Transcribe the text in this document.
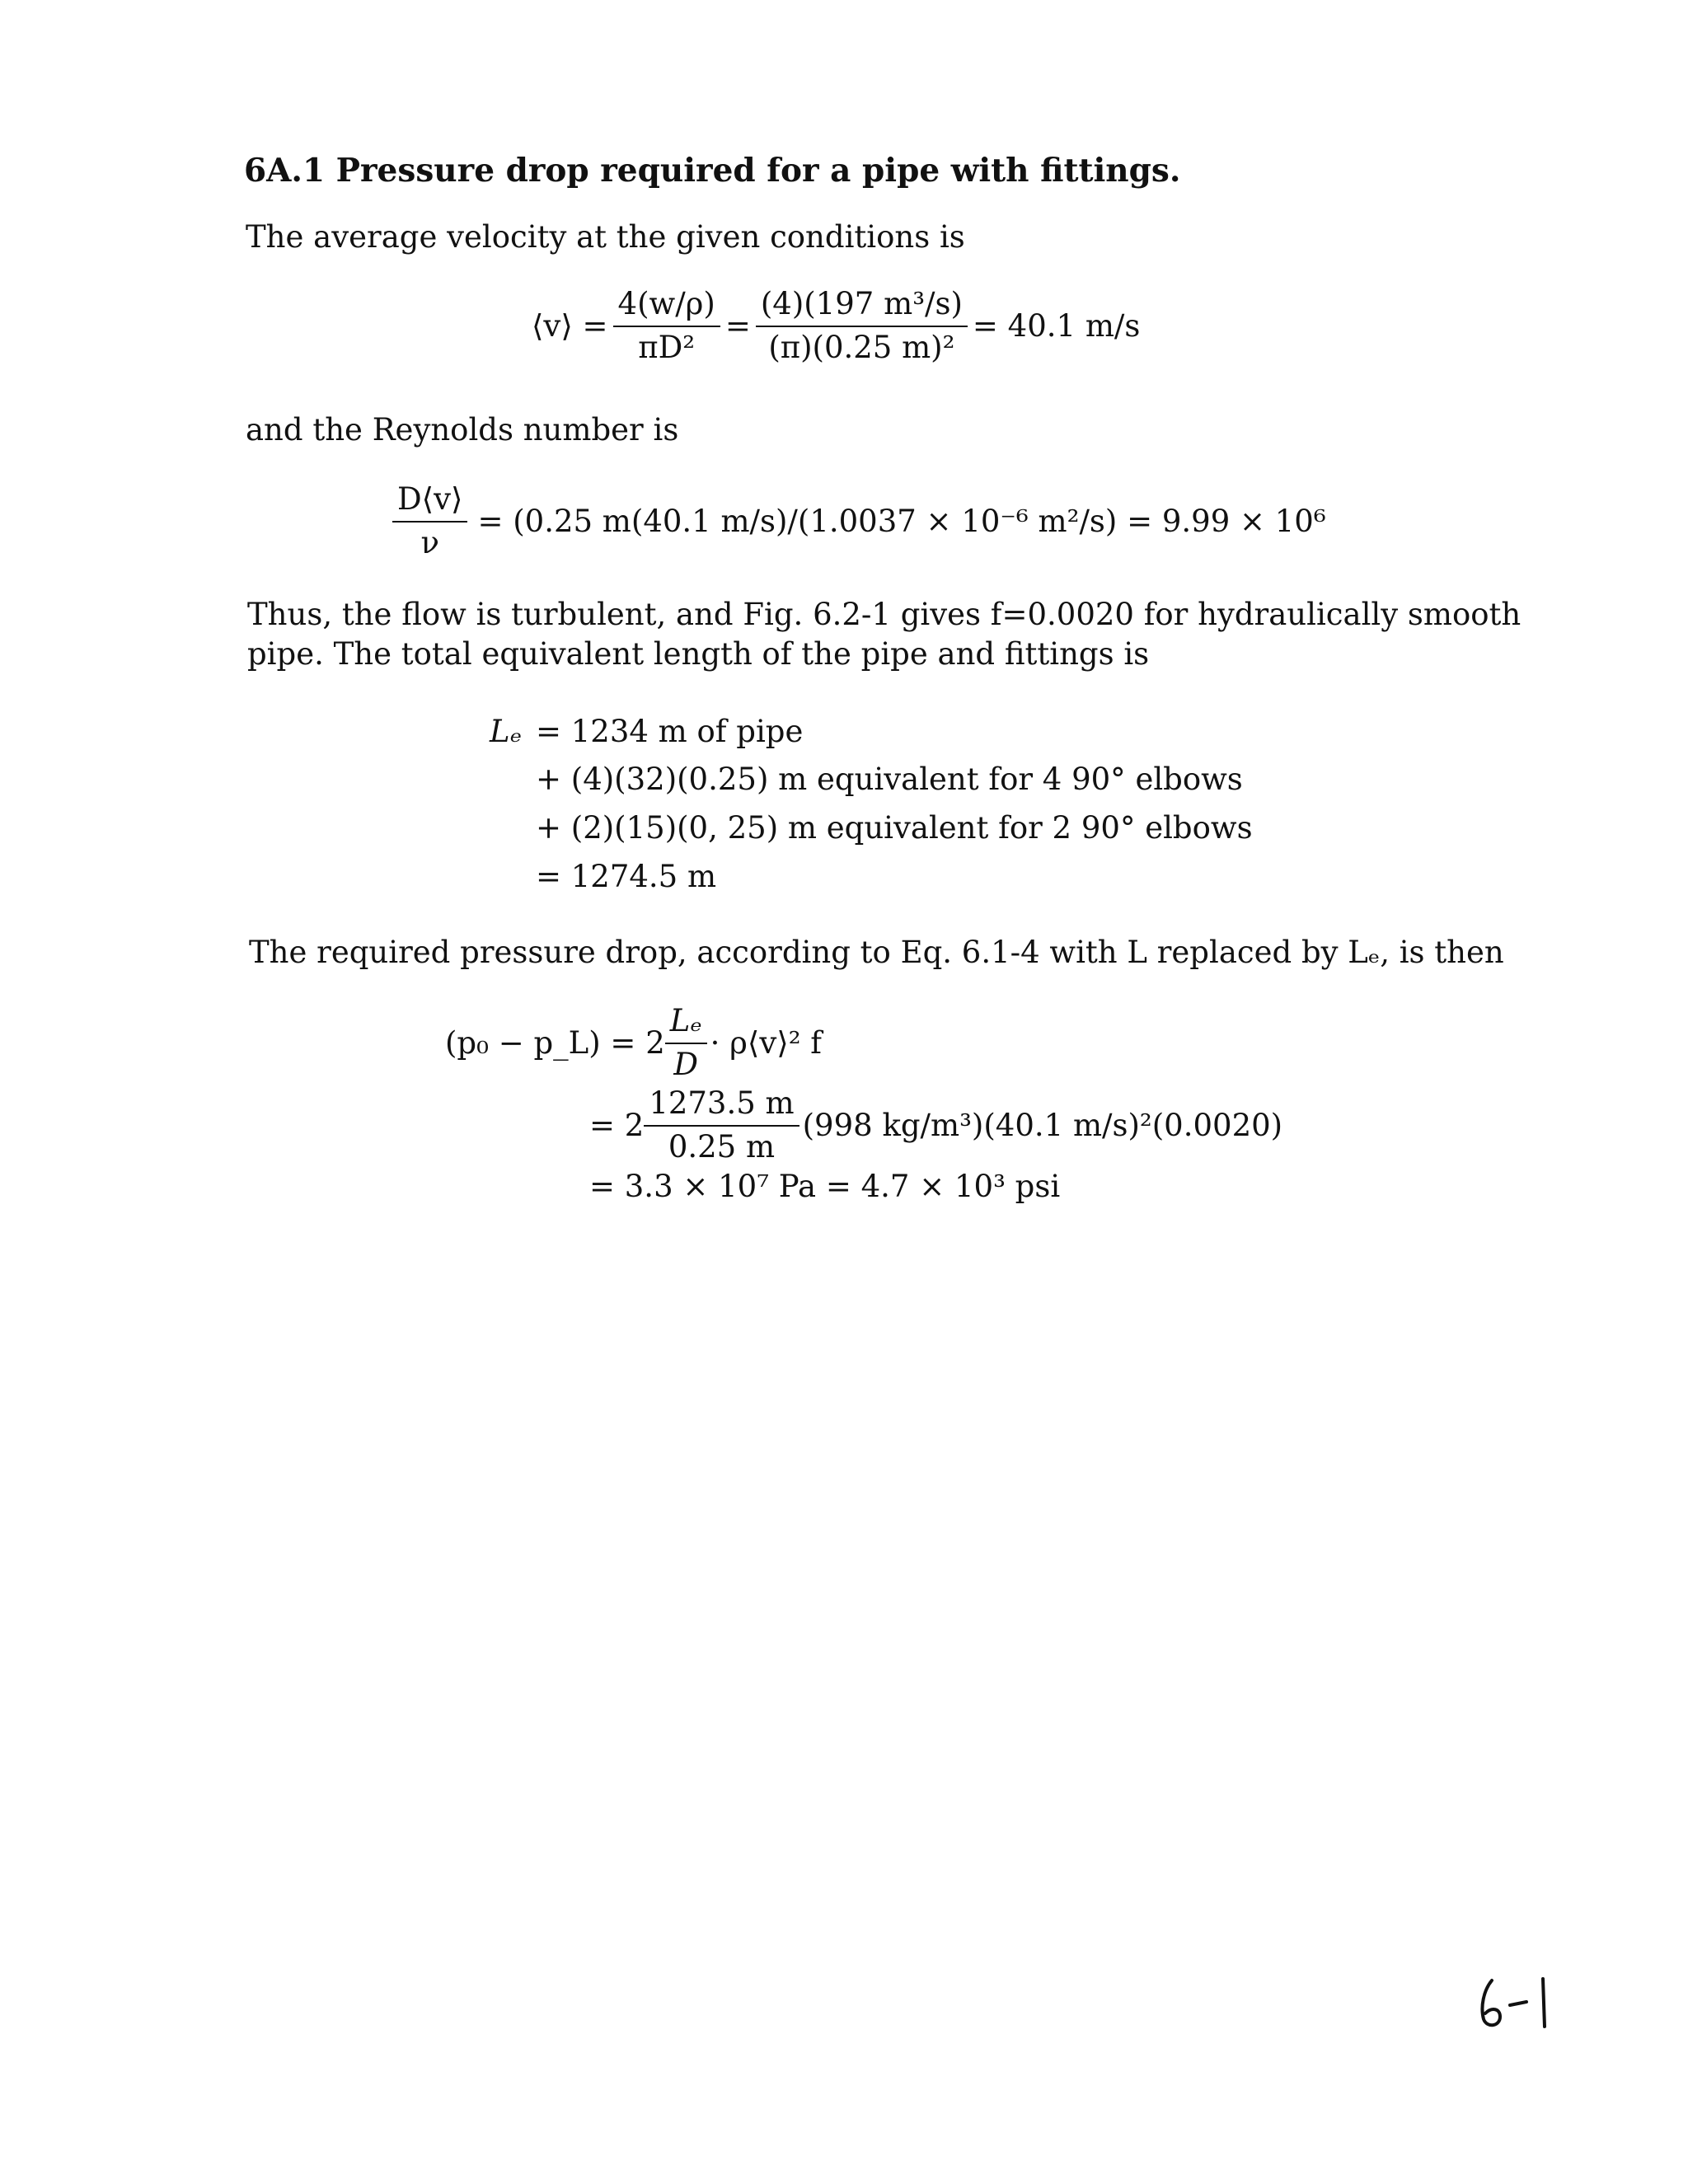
6A.1 Pressure drop required for a pipe with fittings.
The average velocity at the given conditions is
⟨v⟩ = $\frac{4(w/\rho)}{\text{πD²}} = \frac{\text{(4)(197 m³/s)}}{\text{(π)(0.25 m)²}} = 40.1$ m/s
and the Reynolds number is
$\frac{D⟨v⟩}{\nu} = (0.25$ m(40.1 m/s)/(1.0037 × 10⁻⁶ m²/s) = 9.99 × 10⁶
Thus, the flow is turbulent, and Fig. 6.2-1 gives f=0.0020 for hydraulically smooth
pipe. The total equivalent length of the pipe and fittings is
Lₑ = 1234 m of pipe
+ (4)(32)(0.25) m equivalent for 4 90° elbows
+ (2)(15)(0, 25) m equivalent for 2 90° elbows
= 1274.5 m
The required pressure drop, according to Eq. 6.1-4 with L replaced by Lₑ, is then
(p₀ − p_L) = $2 \frac{\text{Lₑ}}{D}$ · ρ⟨v⟩² f
= $2 \frac{1273.5 m}{0.25 m} (998$ kg/m³)(40.1 m/s)²(0.0020)
= 3.3 × 10⁷ Pa = 4.7 × 10³ psi
